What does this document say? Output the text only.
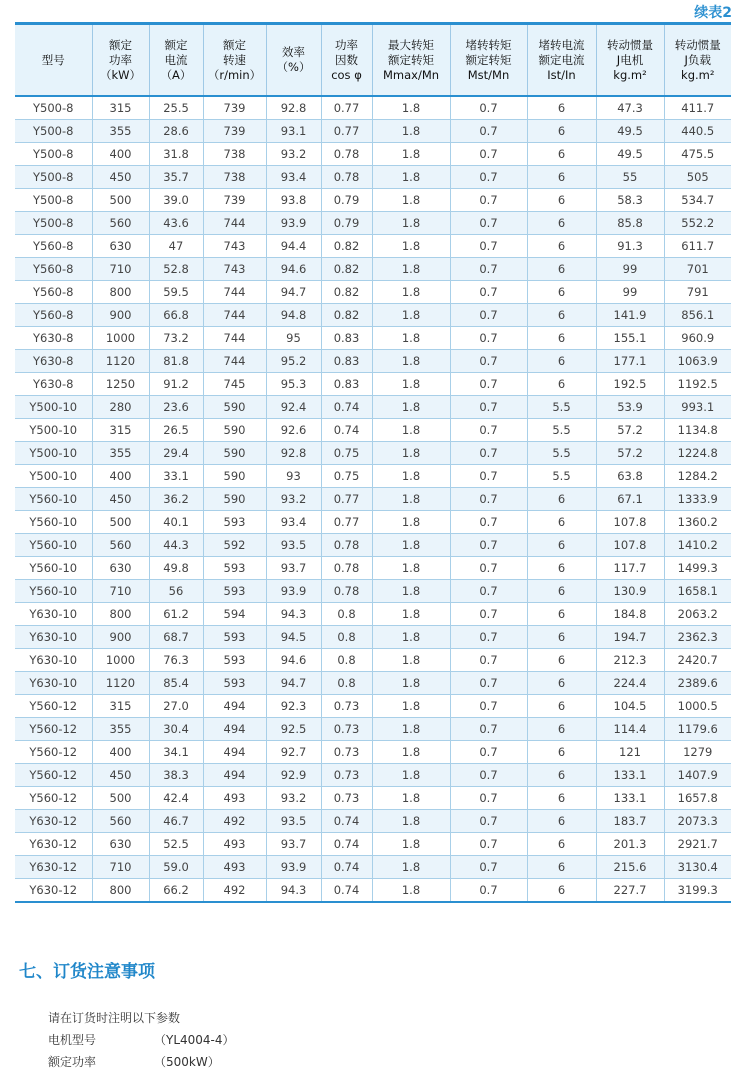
续表2
型号	额定
功率
（kW）	额定
电流
（A）	额定
转速
（r/min）	效率
（%）	功率
因数
cos φ	最大转矩
额定转矩
Mmax/Mn	堵转转矩
额定转矩
Mst/Mn	堵转电流
额定电流
Ist/In	转动惯量
J电机
kg.m²	转动惯量
J负载
kg.m²

Y500-8	315	25.5	739	92.8	0.77	1.8	0.7	6	47.3	411.7
Y500-8	355	28.6	739	93.1	0.77	1.8	0.7	6	49.5	440.5
Y500-8	400	31.8	738	93.2	0.78	1.8	0.7	6	49.5	475.5
Y500-8	450	35.7	738	93.4	0.78	1.8	0.7	6	55	505
Y500-8	500	39.0	739	93.8	0.79	1.8	0.7	6	58.3	534.7
Y500-8	560	43.6	744	93.9	0.79	1.8	0.7	6	85.8	552.2
Y560-8	630	47	743	94.4	0.82	1.8	0.7	6	91.3	611.7
Y560-8	710	52.8	743	94.6	0.82	1.8	0.7	6	99	701
Y560-8	800	59.5	744	94.7	0.82	1.8	0.7	6	99	791
Y560-8	900	66.8	744	94.8	0.82	1.8	0.7	6	141.9	856.1
Y630-8	1000	73.2	744	95	0.83	1.8	0.7	6	155.1	960.9
Y630-8	1120	81.8	744	95.2	0.83	1.8	0.7	6	177.1	1063.9
Y630-8	1250	91.2	745	95.3	0.83	1.8	0.7	6	192.5	1192.5
Y500-10	280	23.6	590	92.4	0.74	1.8	0.7	5.5	53.9	993.1
Y500-10	315	26.5	590	92.6	0.74	1.8	0.7	5.5	57.2	1134.8
Y500-10	355	29.4	590	92.8	0.75	1.8	0.7	5.5	57.2	1224.8
Y500-10	400	33.1	590	93	0.75	1.8	0.7	5.5	63.8	1284.2
Y560-10	450	36.2	590	93.2	0.77	1.8	0.7	6	67.1	1333.9
Y560-10	500	40.1	593	93.4	0.77	1.8	0.7	6	107.8	1360.2
Y560-10	560	44.3	592	93.5	0.78	1.8	0.7	6	107.8	1410.2
Y560-10	630	49.8	593	93.7	0.78	1.8	0.7	6	117.7	1499.3
Y560-10	710	56	593	93.9	0.78	1.8	0.7	6	130.9	1658.1
Y630-10	800	61.2	594	94.3	0.8	1.8	0.7	6	184.8	2063.2
Y630-10	900	68.7	593	94.5	0.8	1.8	0.7	6	194.7	2362.3
Y630-10	1000	76.3	593	94.6	0.8	1.8	0.7	6	212.3	2420.7
Y630-10	1120	85.4	593	94.7	0.8	1.8	0.7	6	224.4	2389.6
Y560-12	315	27.0	494	92.3	0.73	1.8	0.7	6	104.5	1000.5
Y560-12	355	30.4	494	92.5	0.73	1.8	0.7	6	114.4	1179.6
Y560-12	400	34.1	494	92.7	0.73	1.8	0.7	6	121	1279
Y560-12	450	38.3	494	92.9	0.73	1.8	0.7	6	133.1	1407.9
Y560-12	500	42.4	493	93.2	0.73	1.8	0.7	6	133.1	1657.8
Y630-12	560	46.7	492	93.5	0.74	1.8	0.7	6	183.7	2073.3
Y630-12	630	52.5	493	93.7	0.74	1.8	0.7	6	201.3	2921.7
Y630-12	710	59.0	493	93.9	0.74	1.8	0.7	6	215.6	3130.4
Y630-12	800	66.2	492	94.3	0.74	1.8	0.7	6	227.7	3199.3
七、订货注意事项
请在订货时注明以下参数
电机型号	（YL4004-4）
额定功率	（500kW）
